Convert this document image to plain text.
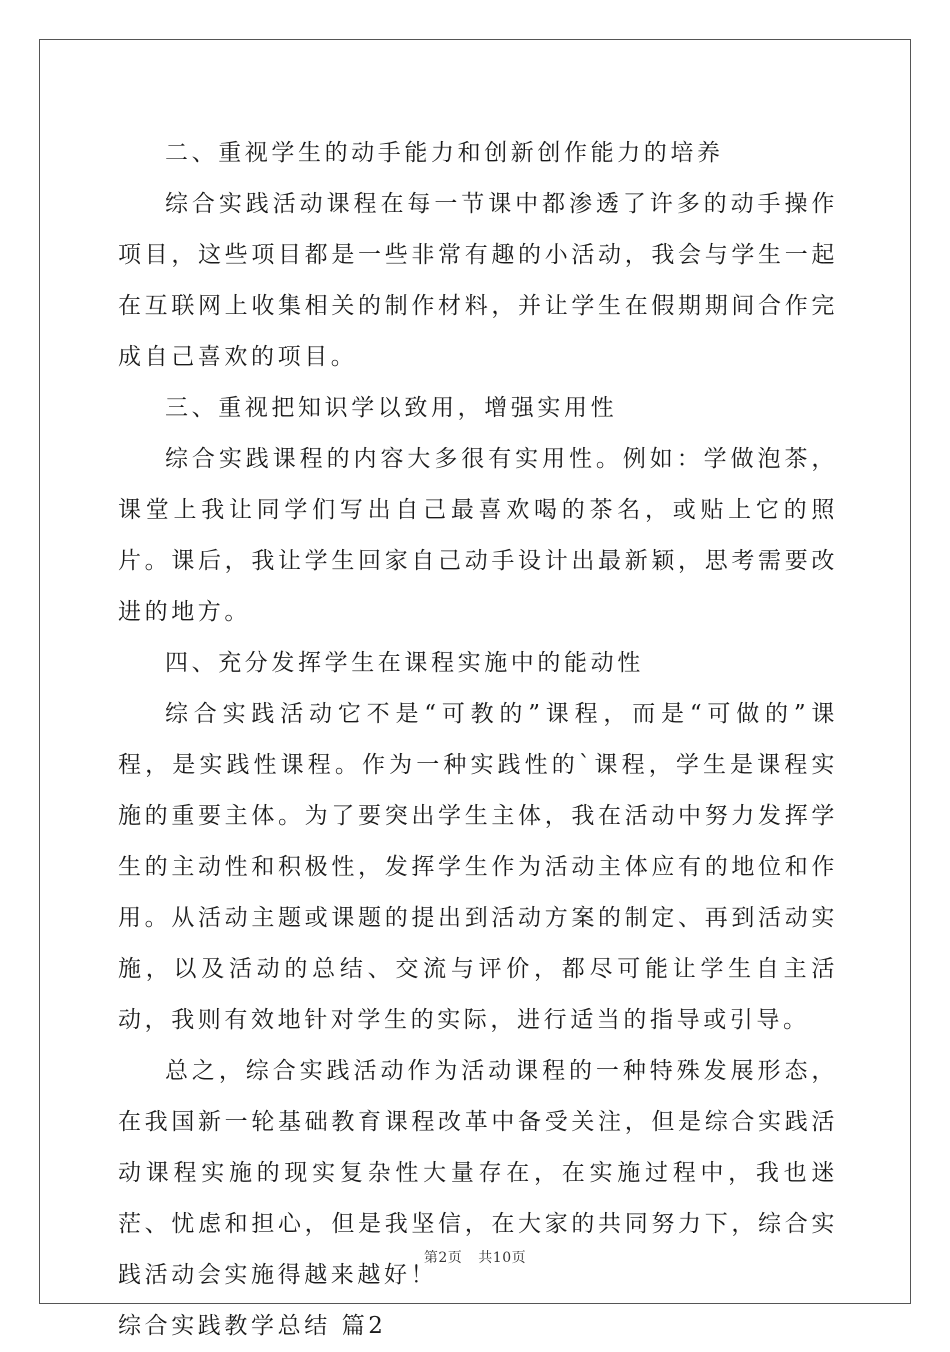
二、重视学生的动手能力和创新创作能力的培养

综合实践活动课程在每一节课中都渗透了许多的动手操作项目，这些项目都是一些非常有趣的小活动，我会与学生一起在互联网上收集相关的制作材料，并让学生在假期期间合作完成自己喜欢的项目。

三、重视把知识学以致用，增强实用性

综合实践课程的内容大多很有实用性。例如：学做泡茶，课堂上我让同学们写出自己最喜欢喝的茶名，或贴上它的照片。课后，我让学生回家自己动手设计出最新颖，思考需要改进的地方。

四、充分发挥学生在课程实施中的能动性

综合实践活动它不是“可教的”课程，而是“可做的”课程，是实践性课程。作为一种实践性的`课程，学生是课程实施的重要主体。为了要突出学生主体，我在活动中努力发挥学生的主动性和积极性，发挥学生作为活动主体应有的地位和作用。从活动主题或课题的提出到活动方案的制定、再到活动实施，以及活动的总结、交流与评价，都尽可能让学生自主活动，我则有效地针对学生的实际，进行适当的指导或引导。

总之，综合实践活动作为活动课程的一种特殊发展形态，在我国新一轮基础教育课程改革中备受关注，但是综合实践活动课程实施的现实复杂性大量存在，在实施过程中，我也迷茫、忧虑和担心，但是我坚信，在大家的共同努力下，综合实践活动会实施得越来越好！

综合实践教学总结 篇2

第2页 共10页
